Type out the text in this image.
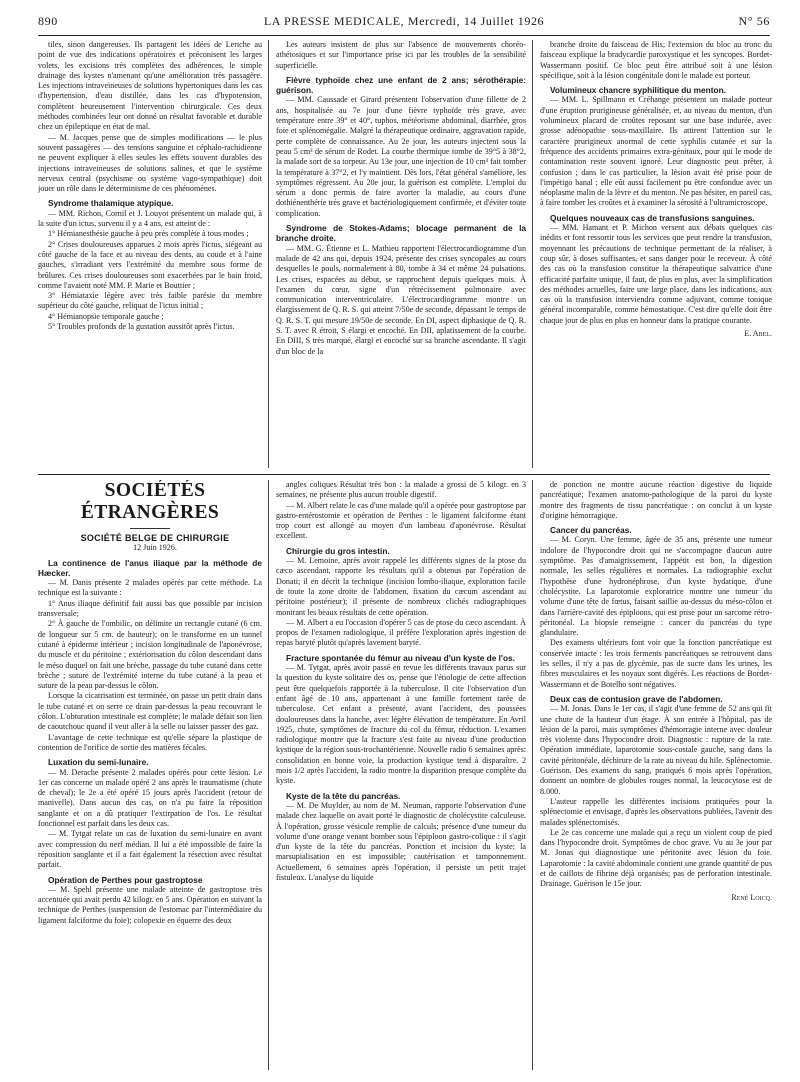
890	LA PRESSE MEDICALE, Mercredi, 14 Juillet 1926	N° 56

tiles, sinon dangereuses. Ils partagent les idées de Leriche au point de vue des indications opératoires et préconisent les larges volets, les excisions très complètes des adhérences, le simple drainage des kystes n'amenant qu'une amélioration très passagère. Les injections intraveineuses de solutions hypertoniques dans les cas d'hypertension, d'eau distillée, dans les cas d'hypotension, complètent heureusement l'intervention chirurgicale. Ces deux méthodes combinées leur ont donné un résultat favorable et durable chez un épileptique en état de mal.

— M. Jacques pense que de simples modifications — le plus souvent passagères — des tensions sanguine et céphalo-rachidienne ne peuvent expliquer à elles seules les effets souvent durables des injections intraveineuses de solutions salines, et que le système nerveux central (psychisme ou système vago-sympathique) doit jouer un rôle dans le déterminisme de ces phénomènes.

Syndrome thalamique atypique.

— MM. Richon, Cornil et J. Louyot présentent un malade qui, à la suite d'un ictus, survenu il y a 4 ans, est atteint de :

1° Hémianesthésie gauche à peu près complète à tous modes ;

2° Crises douloureuses apparues 2 mois après l'ictus, siégeant au côté gauche de la face et au niveau des dents, au coude et à l'aine gauches, s'irradiant vers l'extrémité du membre sous forme de brûlures. Ces crises douloureuses sont exacerbées par le bain froid, comme l'avaient noté MM. P. Marie et Bouttier ;

3° Hémiataxie légère avec très faible parésie du membre supérieur du côté gauche, reliquat de l'ictus initial ;

4° Hémianopsie temporale gauche ;

5° Troubles profonds de la gustation aussitôt après l'ictus.

Les auteurs insistent de plus sur l'absence de mouvements choréo-athétosiques et sur l'importance prise ici par les troubles de la sensibilité superficielle.

Fièvre typhoïde chez une enfant de 2 ans; sérothérapie: guérison.

— MM. Caussade et Girard présentent l'observation d'une fillette de 2 ans, hospitalisée au 7e jour d'une fièvre typhoïde très grave, avec température entre 39° et 40°, tuphos, météorisme abdominal, diarrhée, gros foie et splénomégalie. Malgré la thérapeutique ordinaire, aggravation rapide, perte complète de connaissance. Au 2e jour, les auteurs injectent sous la peau 5 cm³ de sérum de Rodet. La courbe thermique tombe de 39°5 à 38°2, la malade sort de sa torpeur. Au 13e jour, une injection de 10 cm³ fait tomber la température à 37°2, et l'y maintient. Dès lors, l'état général s'améliore, les symptômes régressent. Au 20e jour, la guérison est complète. L'emploi du sérum a donc permis de faire avorter la maladie, au cours d'une dothiénenthérie très grave et bactériologiquement confirmée, et d'éviter toute complication.

Syndrome de Stokes-Adams; blocage permanent de la branche droite.

— MM. G. Étienne et L. Mathieu rapportent l'électrocardiogramme d'un malade de 42 ans qui, depuis 1924, présente des crises syncopales au cours desquelles le pouls, normalement à 80, tombe à 34 et même 24 pulsations. Les crises, espacées au début, se rapprochent depuis quelques mois. À l'examen du cœur, signe d'un rétrécissement pulmonaire avec communication interventriculaire. L'électrocardiogramme montre un élargissement de Q. R. S. qui atteint 7/50e de seconde, dépassant le temps de Q. R. S. T. qui mesure 19/50e de seconde. En DI, aspect diphasique de Q. R. S. T. avec R étroit, S élargi et encoché. En DII, aplatissement de la courbe. En DIII, S très marqué, élargi et encoché sur sa branche ascendante. Il s'agit d'un bloc de la

branche droite du faisceau de His; l'extension du bloc au tronc du faisceau explique la bradycardie paroxystique et les syncopes. Bordet-Wassermann positif. Ce bloc peut être attribué soit à une lésion spécifique, soit à la lésion congénitale dont le malade est porteur.

Volumineux chancre syphilitique du menton.

— MM. L. Spillmann et Créhange présentent un malade porteur d'une éruption prurigineuse généralisée, et, au niveau du menton, d'un volumineux placard de croûtes reposant sur une base indurée, avec grosse adénopathie sous-maxillaire. Ils attirent l'attention sur le caractère prurigineux anormal de cette syphilis cutanée et sur la fréquence des accidents primaires extra-génitaux, pour qui le mode de contamination reste souvent ignoré. Leur diagnostic peut prêter, à confusion ; dans le cas particulier, la lésion avait été prise pour de l'impétigo banal ; elle eût aussi facilement pu être confondue avec un néoplasme malin de la lèvre et du menton. Ne pas hésiter, en pareil cas, à faire tomber les croûtes et à examiner la sérosité à l'ultramicroscope.

Quelques nouveaux cas de transfusions sanguines.

— MM. Hamant et P. Michon versent aux débats quelques cas inédits et font ressortir tous les services que peut rendre la transfusion, moyennant les précautions de technique permettant de la réaliser, à coup sûr, à doses suffisantes, et sans danger pour le receveur. À côté des cas où la transfusion constitue la thérapeutique salvatrice d'une efficacité parfaite unique, il faut, de plus en plus, avec la simplification des méthodes actuelles, faire une large place, dans les indications, aux cas où la transfusion interviendra comme adjuvant, comme tonique général incomparable, comme hémostatique. C'est dire qu'elle doit être chaque jour de plus en plus en honneur dans la pratique courante.

E. Abel.

SOCIÉTÉS ÉTRANGÈRES

SOCIÉTÉ BELGE DE CHIRURGIE

12 Juin 1926.

La continence de l'anus iliaque par la méthode de Hæcker.

— M. Danis présente 2 malades opérés par cette méthode. La technique est la suivante :

1° Anus iliaque définitif fait aussi bas que possible par incision transversale;

2° À gauche de l'ombilic, on délimite un rectangle cutané (6 cm. de longueur sur 5 cm. de hauteur); on le transforme en un tunnel cutané à épiderme intérieur ; incision longitudinale de l'aponévrose, du muscle et du péritoine ; extériorisation du côlon descendant dans le méso duquel on fait une brèche, passage du tube cutané dans cette brèche ; suture de l'extrémité interne du tube cutané à la peau et suture de la peau par-dessus le côlon.

Lorsque la cicatrisation est terminée, on passe un petit drain dans le tube cutané et on serre ce drain par-dessus la peau recouvrant le côlon. L'obturation intestinale est complète; le malade défait son lien de caoutchouc quand il veut aller à la selle ou laisser passer des gaz.

L'avantage de cette technique est qu'elle sépare la plastique de contention de l'orifice de sortie des matières fécales.

Luxation du semi-lunaire.

— M. Derache présente 2 malades opérés pour cette lésion. Le 1er cas concerne un malade opéré 2 ans après le traumatisme (chute de cheval); le 2e a été opéré 15 jours après l'accident (retour de manivelle). Dans aucun des cas, on n'a pu faire la réposition sanglante et on a dû pratiquer l'extirpation de l'os. Le résultat fonctionnel est parfait dans les deux cas.

— M. Tytgat relate un cas de luxation du semi-lunaire en avant avec compression du nerf médian. Il lui a été impossible de faire la réposition sanglante et il a fait également la résection avec résultat parfait.

Opération de Perthes pour gastroptose

— M. Spehl présente une malade atteinte de gastroptose très accentuée qui avait perdu 42 kilogr. en 5 ans. Opération en suivant la technique de Perthes (suspension de l'estomac par l'intermédiaire du ligament falciforme du foie); colopexie en équerre des deux

angles coliques Résultat très bon : la malade a grossi de 5 kilogr. en 3 semaines, ne présente plus aucun trouble digestif.

— M. Albert relate le cas d'une malade qu'il a opérée pour gastroptose par gastro-entérostomie et opération de Perthes : le ligament falciforme étant trop court est allongé au moyen d'un lambeau d'aponévrose. Résultat excellent.

Chirurgie du gros intestin.

— M. Lemoine, après avoir rappelé les différents signes de la ptose du cæco ascendant, rapporte les résultats qu'il a obtenus par l'opération de Donati; il en décrit la technique (incision lombo-iliaque, exploration facile de toute la zone droite de l'abdomen, fixation du cæcum ascendant au péritoine postérieur); il présente de nombreux clichés radiographiques montrant les beaux résultats de cette opération.

— M. Albert a eu l'occasion d'opérer 5 cas de ptose du cæco ascendant. À propos de l'examen radiologique, il préfère l'exploration après ingestion de repas baryté plutôt qu'après lavement baryté.

Fracture spontanée du fémur au niveau d'un kyste de l'os.

— M. Tytgat, après avoir passé en revue les différents travaux parus sur la question du kyste solitaire des os, pense que l'étiologie de cette affection peut être quelquefois rapportée à la tuberculose. Il cite l'observation d'un enfant âgé de 10 ans, appartenant à une famille fortement tarée de tuberculose. Cet enfant a présenté, avant l'accident, des poussées douloureuses dans la hanche, avec légère élévation de température. En Avril 1925, chute, symptômes de fracture du col du fémur, réduction. L'examen radiologique montre que la fracture s'est faite au niveau d'une production kystique de la région sous-trochantérienne. Nouvelle radio 6 semaines après: consolidation en bonne voie, la production kystique tend à disparaître. 2 mois 1/2 après l'accident, la radio montre la disparition presque complète du kyste.

Kyste de la tête du pancréas.

— M. De Muylder, au nom de M. Neuman, rapporte l'observation d'une malade chez laquelle on avait porté le diagnostic de cholécystite calculeuse. À l'opération, grosse vésicule remplie de calculs; présence d'une tumeur du volume d'une orange venant bomber sous l'épiploon gastro-colique : il s'agit d'un kyste de la tête du pancréas. Ponction et incision du kyste; la marsupialisation en est impossible; cautérisation et tamponnement. Actuellement, 6 semaines après l'opération, il persiste un petit trajet fistuleux. L'analyse du liquide

de ponction ne montre aucune réaction digestive du liquide pancréatique; l'examen anatomo-pathologique de la paroi du kyste montre des fragments de tissu pancréatique : on conclut à un kyste d'origine hémorragique.

Cancer du pancréas.

— M. Coryn. Une femme, âgée de 35 ans, présente une tumeur indolore de l'hypocondre droit qui ne s'accompagne d'aucun autre symptôme. Pas d'amaigrissement, l'appétit est bon, la digestion normale, les selles régulières et normales. La radiographie exclut l'hypothèse d'une hydronéphrose, d'un kyste hydatique, d'une cholécystite. La laparotomie exploratrice montre une tumeur du volume d'une tête de fœtus, faisant saillie au-dessus du méso-côlon et dans l'arrière-cavité des épiploons, qui est prise pour un sarcome rétro-péritonéal. La biopsie renseigne : cancer du pancréas du type glandulaire.

Des examens ultérieurs font voir que la fonction pancréatique est conservée intacte : les trois ferments pancréatiques se retrouvent dans les selles, il n'y a pas de glycémie, pas de sucre dans les urines, les fibres musculaires et les noyaux sont digérés. Les réactions de Bordet-Wassermann et de Botelho sont négatives.

Deux cas de contusion grave de l'abdomen.

— M. Jonas. Dans le 1er cas, il s'agit d'une femme de 52 ans qui fit une chute de la hauteur d'un étage. À son entrée à l'hôpital, pas de lésion de la paroi, mais symptômes d'hémorragie interne avec douleur très violente dans l'hypocondre droit. Diagnostic : rupture de la rate. Opération immédiate, laparotomie sous-costale gauche, sang dans la cavité péritonéale, déchirure de la rate au niveau du hile. Splénectomie. Guérison. Des examens du sang, pratiqués 6 mois après l'opération, donnent un nombre de globules rouges normal, la leucocytose est de 8.000.

L'auteur rappelle les différentes incisions pratiquées pour la splénectomie et envisage, d'après les observations publiées, l'avenir des malades splénectomisés.

Le 2e cas concerne une malade qui a reçu un violent coup de pied dans l'hypocondre droit. Symptômes de choc grave. Vu au 3e jour par M. Jonas qui diagnostique une péritonite avec lésion du foie. Laparotomie : la cavité abdominale contient une grande quantité de pus et de caillots de fibrine déjà organisés; pas de perforation intestinale. Drainage. Guérison le 15e jour.

René Loicq.
